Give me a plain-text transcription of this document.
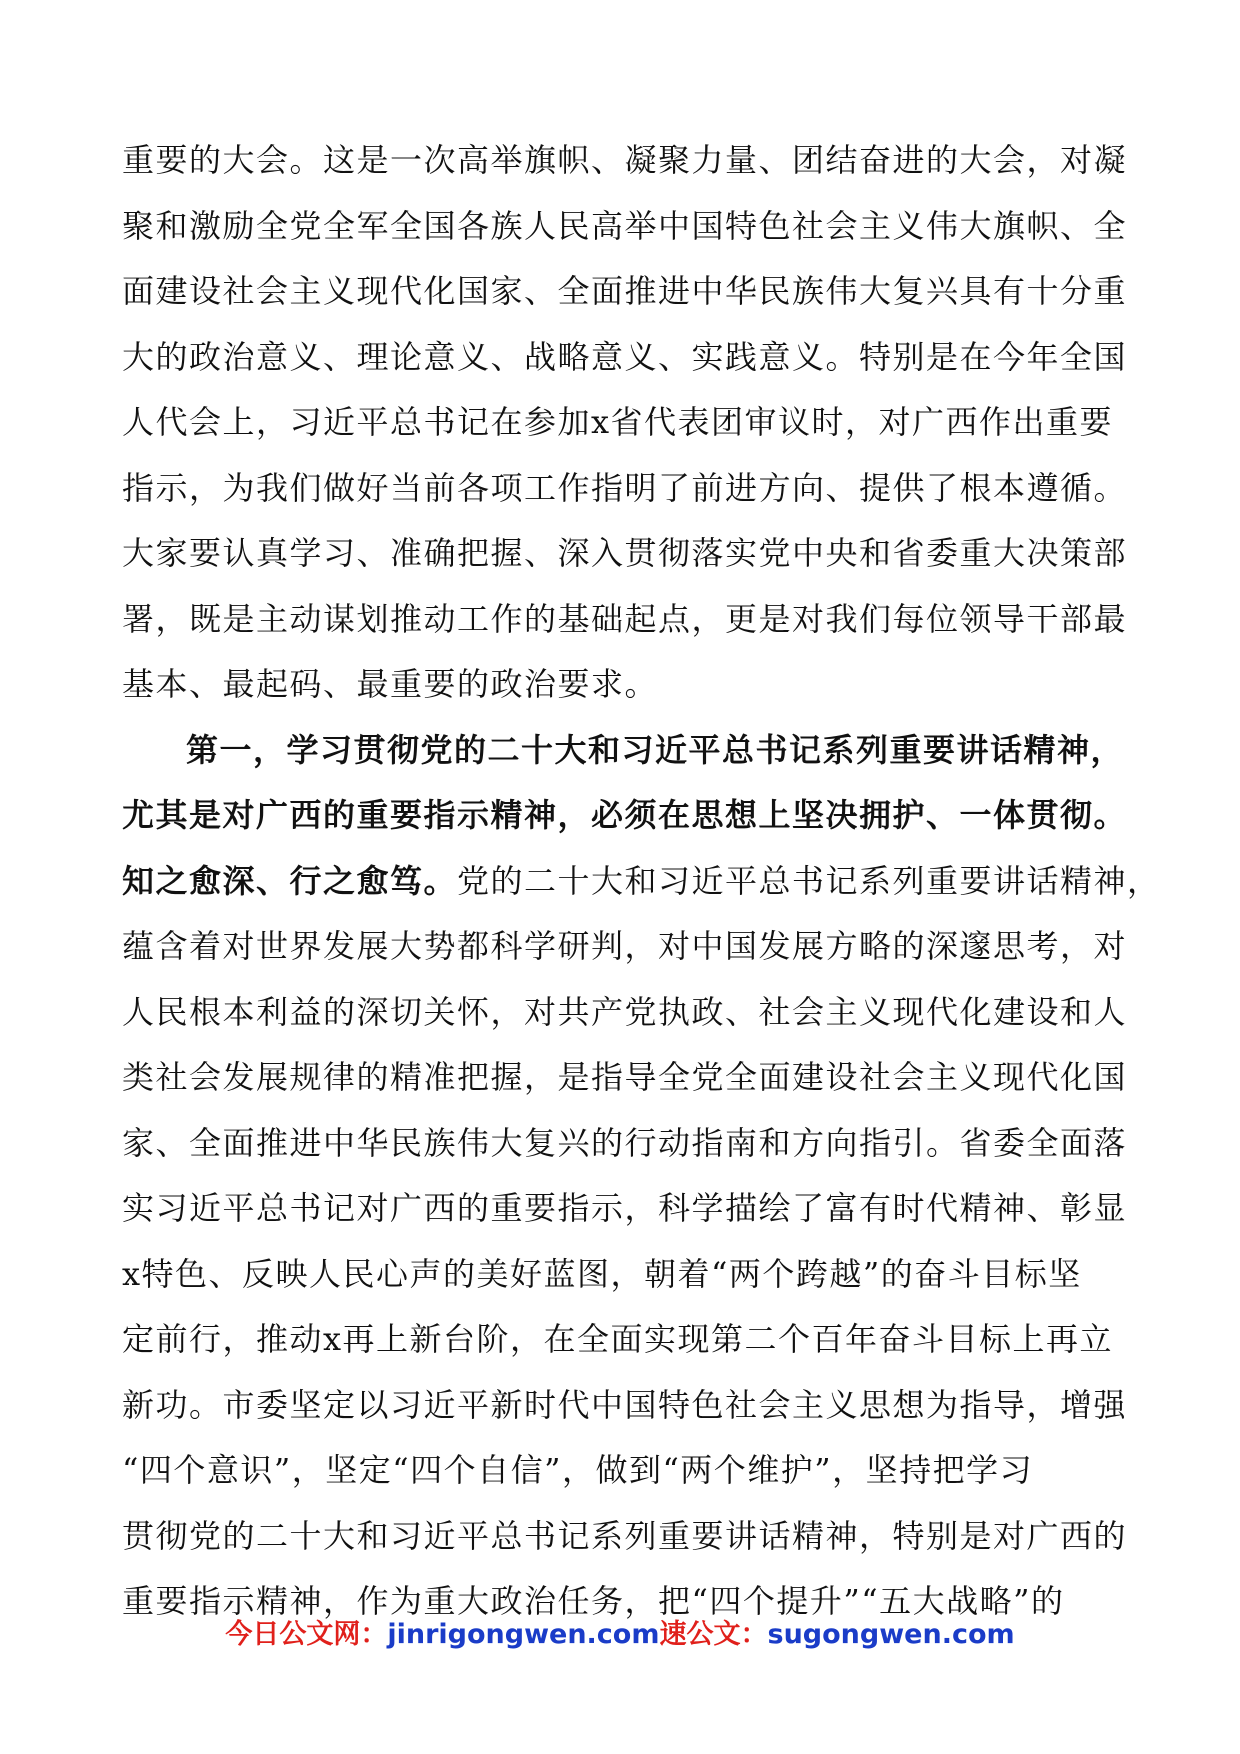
重要的大会。这是一次高举旗帜、凝聚力量、团结奋进的大会，对凝
聚和激励全党全军全国各族人民高举中国特色社会主义伟大旗帜、全
面建设社会主义现代化国家、全面推进中华民族伟大复兴具有十分重
大的政治意义、理论意义、战略意义、实践意义。特别是在今年全国
人代会上，习近平总书记在参加x省代表团审议时，对广西作出重要
指示，为我们做好当前各项工作指明了前进方向、提供了根本遵循。
大家要认真学习、准确把握、深入贯彻落实党中央和省委重大决策部
署，既是主动谋划推动工作的基础起点，更是对我们每位领导干部最
基本、最起码、最重要的政治要求。
第一，学习贯彻党的二十大和习近平总书记系列重要讲话精神，
尤其是对广西的重要指示精神，必须在思想上坚决拥护、一体贯彻。
知之愈深、行之愈笃。党的二十大和习近平总书记系列重要讲话精神，
蕴含着对世界发展大势都科学研判，对中国发展方略的深邃思考，对
人民根本利益的深切关怀，对共产党执政、社会主义现代化建设和人
类社会发展规律的精准把握，是指导全党全面建设社会主义现代化国
家、全面推进中华民族伟大复兴的行动指南和方向指引。省委全面落
实习近平总书记对广西的重要指示，科学描绘了富有时代精神、彰显
x特色、反映人民心声的美好蓝图，朝着“两个跨越”的奋斗目标坚
定前行，推动x再上新台阶，在全面实现第二个百年奋斗目标上再立
新功。市委坚定以习近平新时代中国特色社会主义思想为指导，增强
“四个意识”，坚定“四个自信”，做到“两个维护”，坚持把学习
贯彻党的二十大和习近平总书记系列重要讲话精神，特别是对广西的
重要指示精神，作为重大政治任务，把“四个提升”“五大战略”的
今日公文网：jinrigongwen.com速公文：sugongwen.com
